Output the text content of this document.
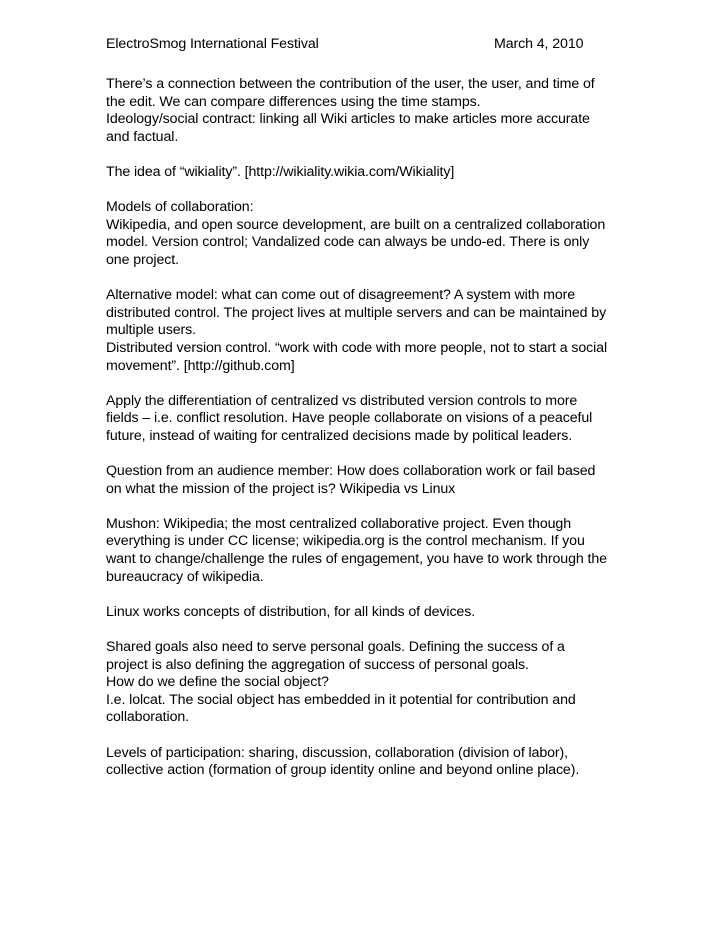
ElectroSmog International Festival	March 4, 2010
There’s a connection between the contribution of the user, the user, and time of
the edit. We can compare differences using the time stamps.
Ideology/social contract: linking all Wiki articles to make articles more accurate
and factual.
The idea of “wikiality”. [http://wikiality.wikia.com/Wikiality]
Models of collaboration:
Wikipedia, and open source development, are built on a centralized collaboration
model. Version control; Vandalized code can always be undo-ed. There is only
one project.
Alternative model: what can come out of disagreement? A system with more
distributed control. The project lives at multiple servers and can be maintained by
multiple users.
Distributed version control. “work with code with more people, not to start a social
movement”. [http://github.com]
Apply the differentiation of centralized vs distributed version controls to more
fields – i.e. conflict resolution. Have people collaborate on visions of a peaceful
future, instead of waiting for centralized decisions made by political leaders.
Question from an audience member: How does collaboration work or fail based
on what the mission of the project is? Wikipedia vs Linux
Mushon: Wikipedia; the most centralized collaborative project. Even though
everything is under CC license; wikipedia.org is the control mechanism. If you
want to change/challenge the rules of engagement, you have to work through the
bureaucracy of wikipedia.
Linux works concepts of distribution, for all kinds of devices.
Shared goals also need to serve personal goals. Defining the success of a
project is also defining the aggregation of success of personal goals.
How do we define the social object?
I.e. lolcat. The social object has embedded in it potential for contribution and
collaboration.
Levels of participation: sharing, discussion, collaboration (division of labor),
collective action (formation of group identity online and beyond online place).
